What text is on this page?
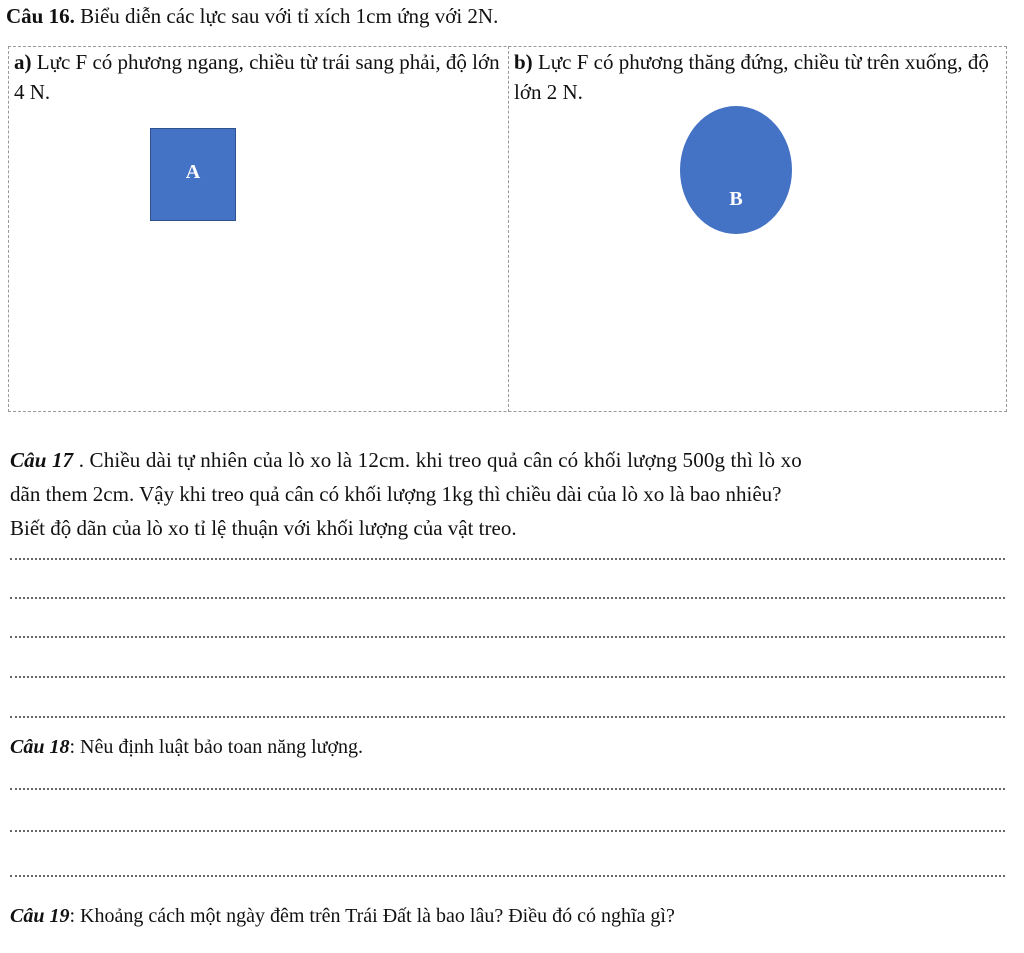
Câu 16. Biểu diễn các lực sau với tỉ xích 1cm ứng với 2N.
a) Lực F có phương ngang, chiều từ trái sang phải, độ lớn 4 N.
A
b) Lực F có phương thăng đứng, chiều từ trên xuống, độ lớn 2 N.
B
Câu 17 . Chiều dài tự nhiên của lò xo là 12cm. khi treo quả cân có khối lượng 500g thì lò xo
dãn them 2cm. Vậy khi treo quả cân có khối lượng 1kg thì chiều dài của lò xo là bao nhiêu?
Biết độ dãn của lò xo tỉ lệ thuận với khối lượng của vật treo.
Câu 18: Nêu định luật bảo toan năng lượng.
Câu 19: Khoảng cách một ngày đêm trên Trái Đất là bao lâu? Điều đó có nghĩa gì?
